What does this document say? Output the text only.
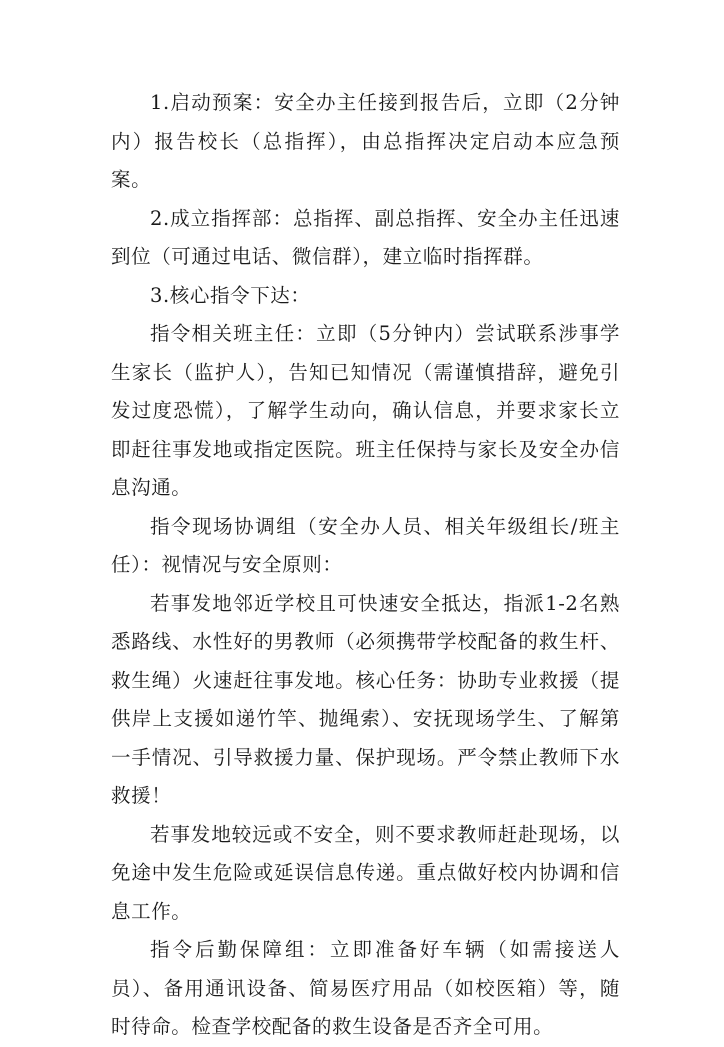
1.启动预案：安全办主任接到报告后，立即（2分钟内）报告校长（总指挥），由总指挥决定启动本应急预案。

2.成立指挥部：总指挥、副总指挥、安全办主任迅速到位（可通过电话、微信群），建立临时指挥群。

3.核心指令下达：

指令相关班主任：立即（5分钟内）尝试联系涉事学生家长（监护人），告知已知情况（需谨慎措辞，避免引发过度恐慌），了解学生动向，确认信息，并要求家长立即赶往事发地或指定医院。班主任保持与家长及安全办信息沟通。

指令现场协调组（安全办人员、相关年级组长/班主任）：视情况与安全原则：

若事发地邻近学校且可快速安全抵达，指派1-2名熟悉路线、水性好的男教师（必须携带学校配备的救生杆、救生绳）火速赶往事发地。核心任务：协助专业救援（提供岸上支援如递竹竿、抛绳索）、安抚现场学生、了解第一手情况、引导救援力量、保护现场。严令禁止教师下水救援！

若事发地较远或不安全，则不要求教师赶赴现场，以免途中发生危险或延误信息传递。重点做好校内协调和信息工作。

指令后勤保障组：立即准备好车辆（如需接送人员）、备用通讯设备、简易医疗用品（如校医箱）等，随时待命。检查学校配备的救生设备是否齐全可用。
